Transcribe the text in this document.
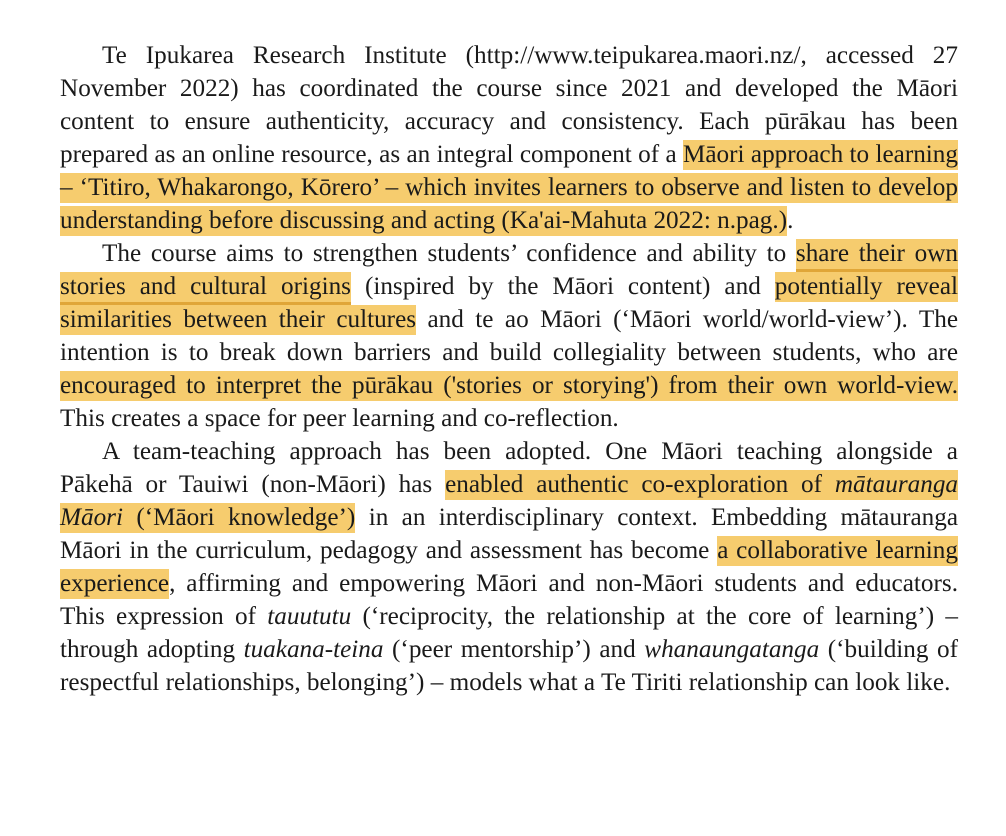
Te Ipukarea Research Institute (http://www.teipukarea.maori.nz/, accessed 27 November 2022) has coordinated the course since 2021 and developed the Māori content to ensure authenticity, accuracy and consistency. Each pūrākau has been prepared as an online resource, as an integral component of a Māori approach to learning – ‘Titiro, Whakarongo, Kōrero’ – which invites learners to observe and listen to develop understanding before discussing and acting (Ka'ai-Mahuta 2022: n.pag.).

The course aims to strengthen students’ confidence and ability to share their own stories and cultural origins (inspired by the Māori content) and potentially reveal similarities between their cultures and te ao Māori (‘Māori world/world-view’). The intention is to break down barriers and build collegiality between students, who are encouraged to interpret the pūrākau ('stories or storying') from their own world-view. This creates a space for peer learning and co-reflection.

A team-teaching approach has been adopted. One Māori teaching alongside a Pākehā or Tauiwi (non-Māori) has enabled authentic co-exploration of mātauranga Māori (‘Māori knowledge’) in an interdisciplinary context. Embedding mātauranga Māori in the curriculum, pedagogy and assessment has become a collaborative learning experience, affirming and empowering Māori and non-Māori students and educators. This expression of tauututu (‘reciprocity, the relationship at the core of learning’) – through adopting tuakana-teina (‘peer mentorship’) and whanaungatanga (‘building of respectful relationships, belonging’) – models what a Te Tiriti relationship can look like.
